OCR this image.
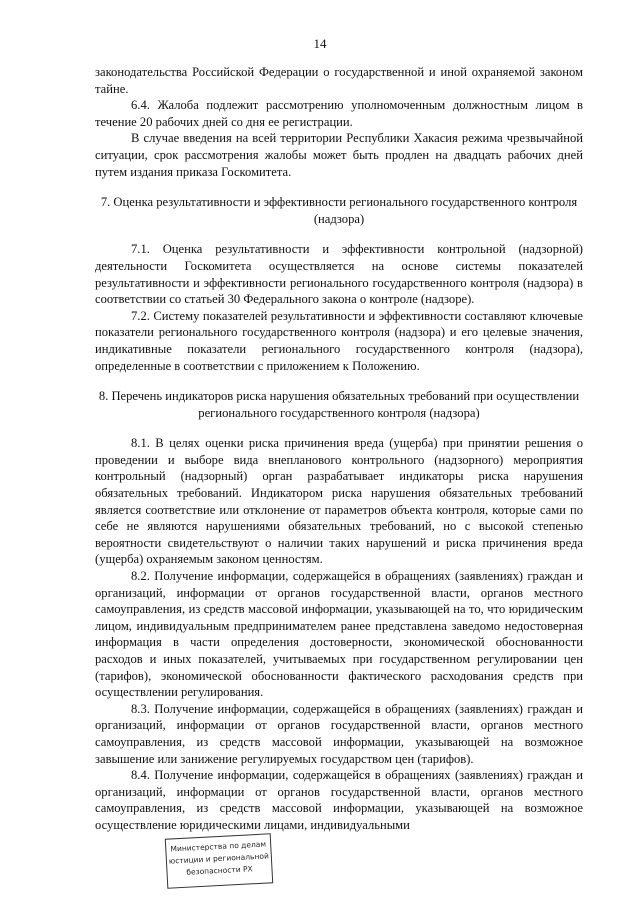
14

законодательства Российской Федерации о государственной и иной охраняемой законом тайне.

6.4. Жалоба подлежит рассмотрению уполномоченным должностным лицом в течение 20 рабочих дней со дня ее регистрации.

В случае введения на всей территории Республики Хакасия режима чрезвычайной ситуации, срок рассмотрения жалобы может быть продлен на двадцать рабочих дней путем издания приказа Госкомитета.

7. Оценка результативности и эффективности регионального государственного контроля (надзора)

7.1. Оценка результативности и эффективности контрольной (надзорной) деятельности Госкомитета осуществляется на основе системы показателей результативности и эффективности регионального государственного контроля (надзора) в соответствии со статьей 30 Федерального закона о контроле (надзоре).

7.2. Систему показателей результативности и эффективности составляют ключевые показатели регионального государственного контроля (надзора) и его целевые значения, индикативные показатели регионального государственного контроля (надзора), определенные в соответствии с приложением к Положению.

8. Перечень индикаторов риска нарушения обязательных требований при осуществлении регионального государственного контроля (надзора)

8.1. В целях оценки риска причинения вреда (ущерба) при принятии решения о проведении и выборе вида внепланового контрольного (надзорного) мероприятия контрольный (надзорный) орган разрабатывает индикаторы риска нарушения обязательных требований. Индикатором риска нарушения обязательных требований является соответствие или отклонение от параметров объекта контроля, которые сами по себе не являются нарушениями обязательных требований, но с высокой степенью вероятности свидетельствуют о наличии таких нарушений и риска причинения вреда (ущерба) охраняемым законом ценностям.

8.2. Получение информации, содержащейся в обращениях (заявлениях) граждан и организаций, информации от органов государственной власти, органов местного самоуправления, из средств массовой информации, указывающей на то, что юридическим лицом, индивидуальным предпринимателем ранее представлена заведомо недостоверная информация в части определения достоверности, экономической обоснованности расходов и иных показателей, учитываемых при государственном регулировании цен (тарифов), экономической обоснованности фактического расходования средств при осуществлении регулирования.

8.3. Получение информации, содержащейся в обращениях (заявлениях) граждан и организаций, информации от органов государственной власти, органов местного самоуправления, из средств массовой информации, указывающей на возможное завышение или занижение регулируемых государством цен (тарифов).

8.4. Получение информации, содержащейся в обращениях (заявлениях) граждан и организаций, информации от органов государственной власти, органов местного самоуправления, из средств массовой информации, указывающей на возможное осуществление юридическими лицами, индивидуальными

Министерства по делам
юстиции и региональной
безопасности РХ
